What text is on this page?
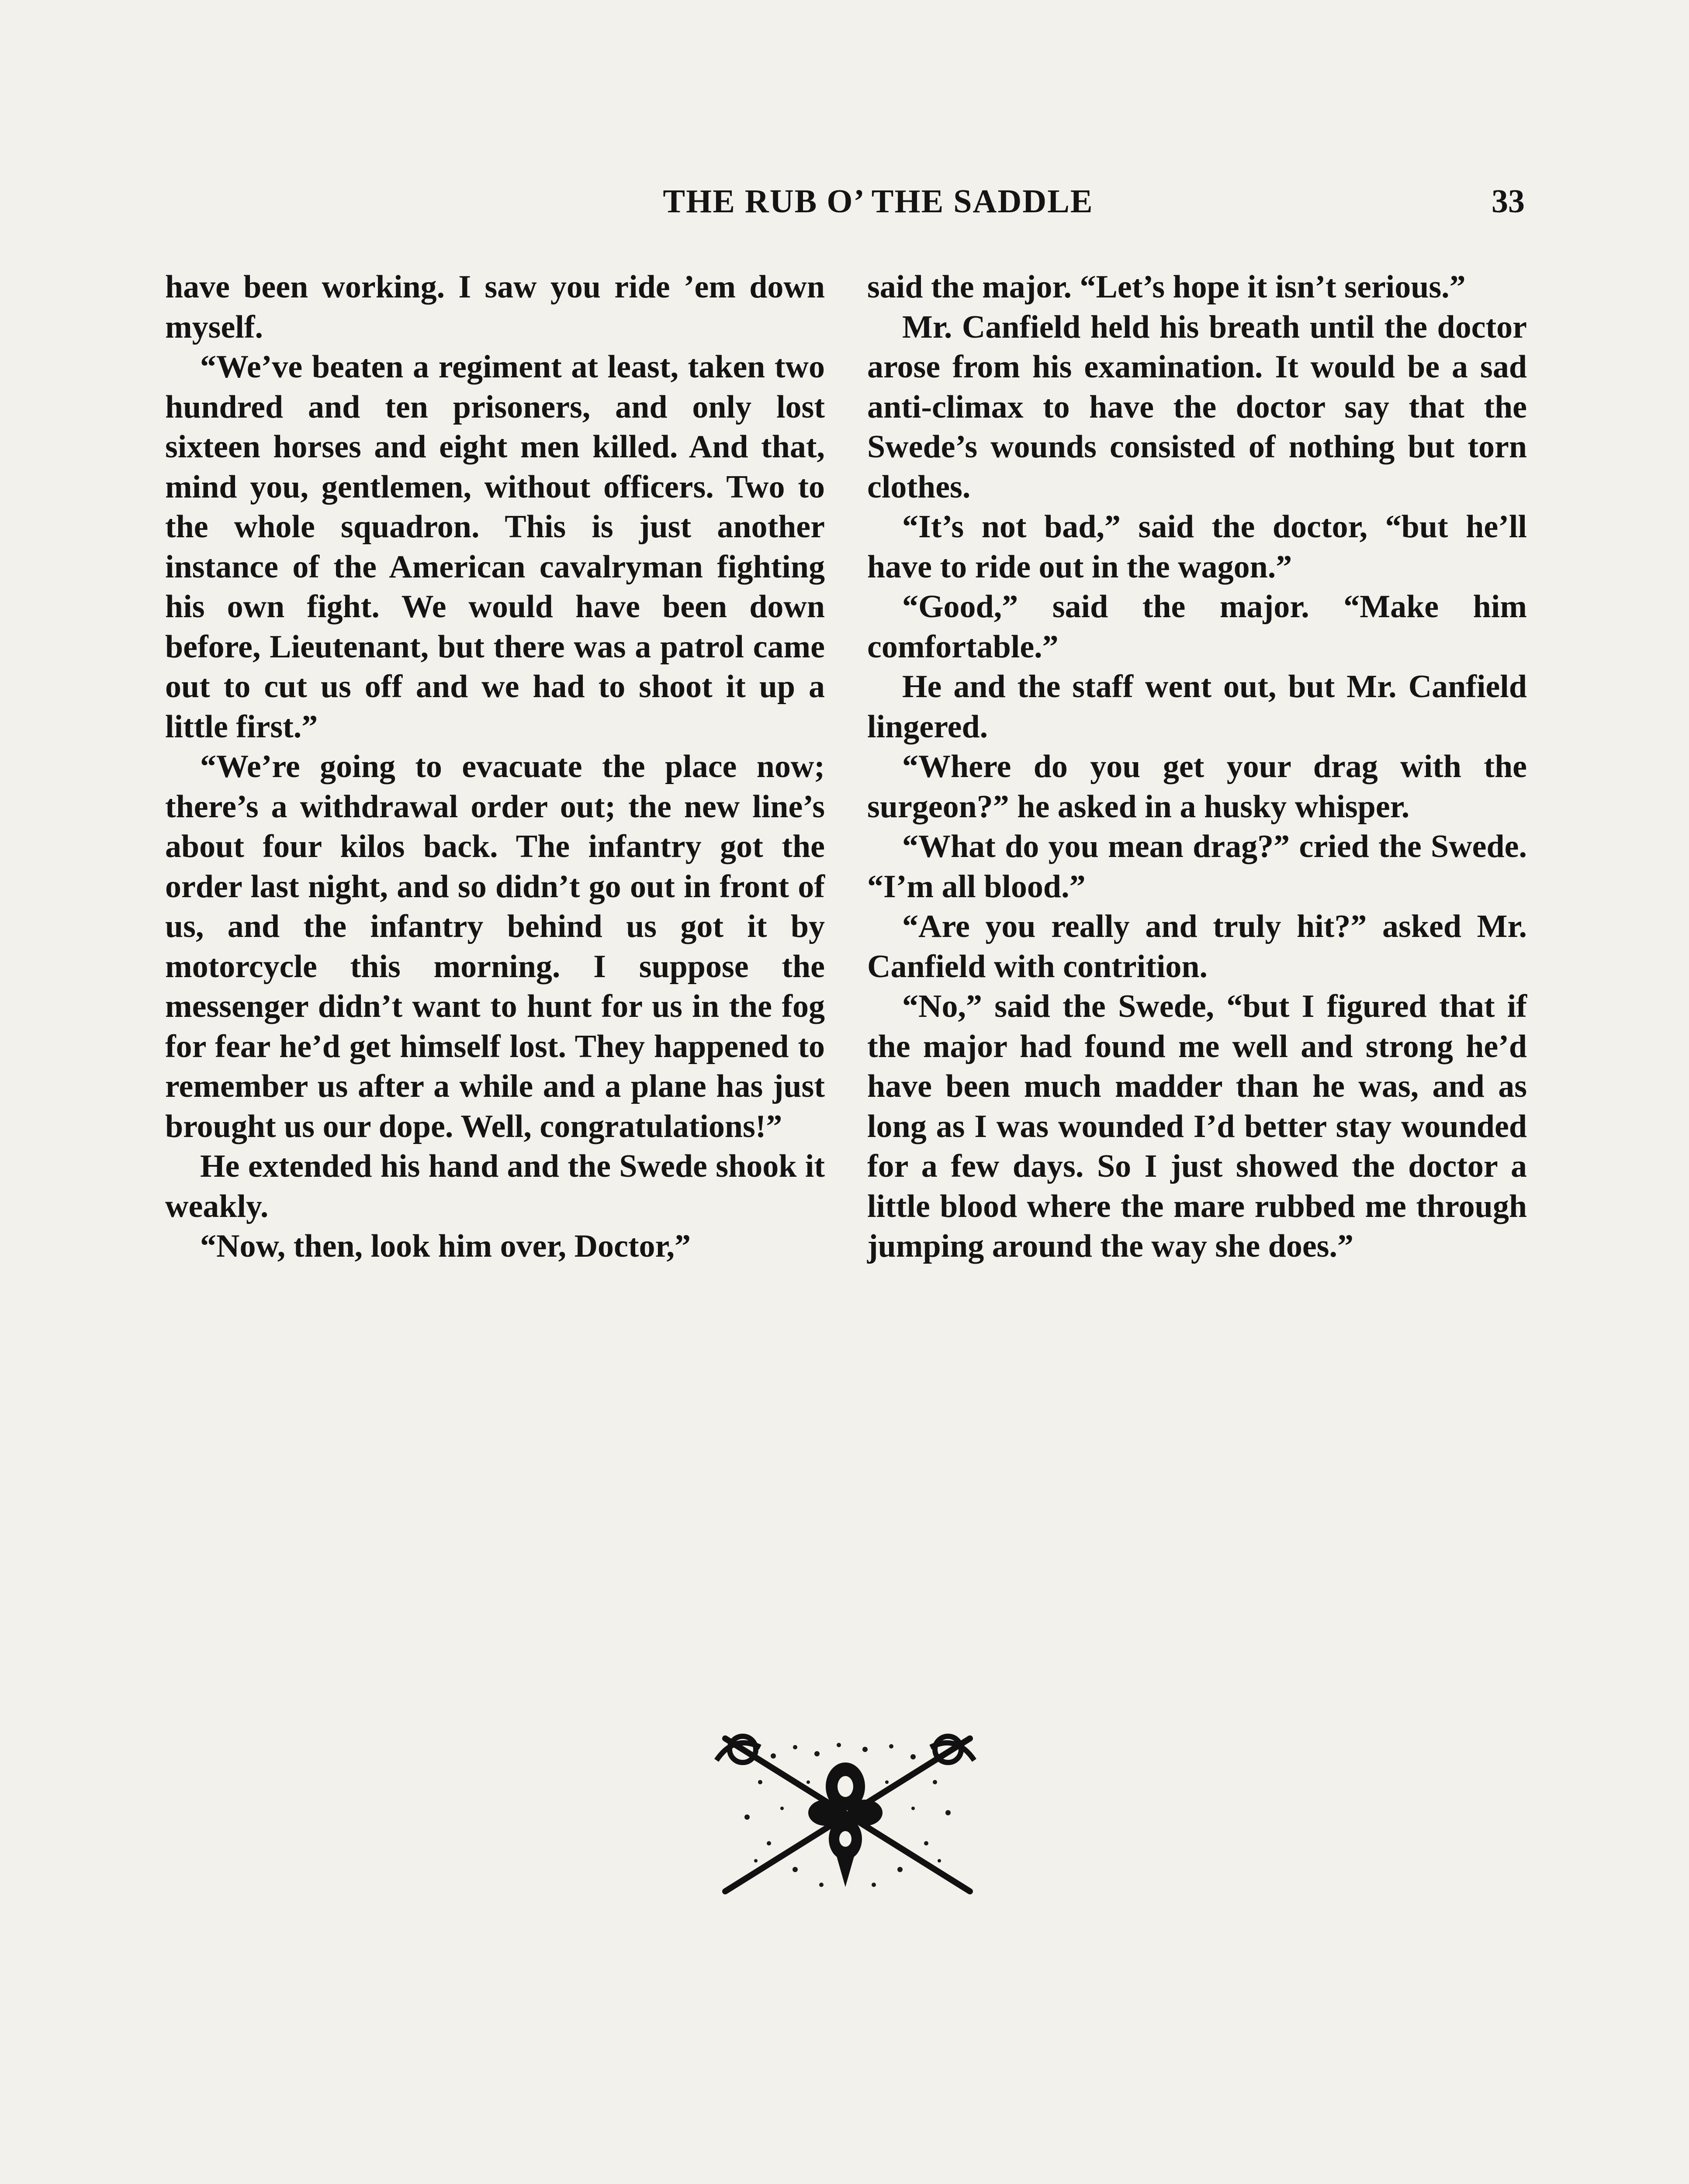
THE RUB O’ THE SADDLE	33

have been working. I saw you ride ’em down myself.

“We’ve beaten a regiment at least, taken two hundred and ten prisoners, and only lost sixteen horses and eight men killed. And that, mind you, gentlemen, without officers. Two to the whole squadron. This is just another instance of the American cavalryman fighting his own fight. We would have been down before, Lieutenant, but there was a patrol came out to cut us off and we had to shoot it up a little first.”

“We’re going to evacuate the place now; there’s a withdrawal order out; the new line’s about four kilos back. The infantry got the order last night, and so didn’t go out in front of us, and the infantry behind us got it by motorcycle this morning. I suppose the messenger didn’t want to hunt for us in the fog for fear he’d get himself lost. They happened to remember us after a while and a plane has just brought us our dope. Well, congratulations!”

He extended his hand and the Swede shook it weakly.

“Now, then, look him over, Doctor,”

said the major. “Let’s hope it isn’t serious.”

Mr. Canfield held his breath until the doctor arose from his examination. It would be a sad anti-climax to have the doctor say that the Swede’s wounds consisted of nothing but torn clothes.

“It’s not bad,” said the doctor, “but he’ll have to ride out in the wagon.”

“Good,” said the major. “Make him comfortable.”

He and the staff went out, but Mr. Canfield lingered.

“Where do you get your drag with the surgeon?” he asked in a husky whisper.

“What do you mean drag?” cried the Swede. “I’m all blood.”

“Are you really and truly hit?” asked Mr. Canfield with contrition.

“No,” said the Swede, “but I figured that if the major had found me well and strong he’d have been much madder than he was, and as long as I was wounded I’d better stay wounded for a few days. So I just showed the doctor a little blood where the mare rubbed me through jumping around the way she does.”
